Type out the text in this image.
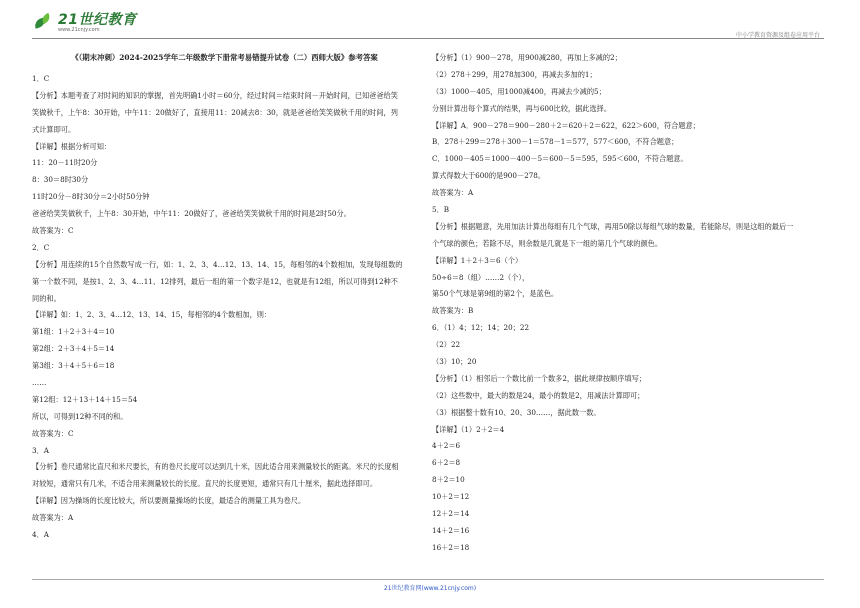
21世纪教育
www.21cnjy.com
中小学教育资源及组卷应用平台
《（期末冲刺）2024-2025学年二年级数学下册常考易错提升试卷（二）西师大版》参考答案
1．C
【分析】本题考查了对时间的知识的掌握，首先明确1小时＝60分，经过时间＝结束时间－开始时间，已知爸爸给笑
笑做秋千，上午8：30开始，中午11：20做好了，直接用11：20减去8：30，就是爸爸给笑笑做秋千用的时间，列
式计算即可。
【详解】根据分析可知：
11：20－11时20分
8：30＝8时30分
11时20分－8时30分＝2小时50分钟
爸爸给笑笑做秋千，上午8：30开始，中午11：20做好了，爸爸给笑笑做秋千用的时间是2时50分。
故答案为：C
2．C
【分析】用连续的15个自然数写成一行，如：1、2、3、4…12、13、14、15，每相邻的4个数相加，发现每组数的
第一个数不同，是按1、2、3、4…11、12排列，最后一组的第一个数字是12，也就是有12组，所以可得到12种不
同的和。
【详解】如：1、2、3、4…12、13、14、15，每相邻的4个数相加，则：
第1组：1＋2＋3＋4＝10
第2组：2＋3＋4＋5＝14
第3组：3＋4＋5＋6＝18
……
第12组：12＋13＋14＋15＝54
所以，可得到12种不同的和。
故答案为：C
3．A
【分析】卷尺通常比直尺和米尺要长，有的卷尺长度可以达到几十米，因此适合用来测量较长的距离。米尺的长度相
对较短，通常只有几米，不适合用来测量较长的长度。直尺的长度更短，通常只有几十厘米，据此选择即可。
【详解】因为操场的长度比较大，所以要测量操场的长度，最适合的测量工具为卷尺。
故答案为：A
4．A
【分析】（1）900－278，用900减280，再加上多减的2；
（2）278＋299，用278加300，再减去多加的1；
（3）1000－405，用1000减400，再减去少减的5；
分别计算出每个算式的结果，再与600比较，据此选择。
【详解】A．900－278＝900－280＋2＝620＋2＝622，622＞600，符合题意；
B．278＋299＝278＋300－1＝578－1＝577，577＜600，不符合题意；
C．1000－405＝1000－400－5＝600－5＝595，595＜600，不符合题意。
算式得数大于600的是900－278。
故答案为：A
5．B
【分析】根据题意，先用加法计算出每组有几个气球，再用50除以每组气球的数量，若能除尽，则是这组的最后一
个气球的颜色；若除不尽，则余数是几就是下一组的第几个气球的颜色。
【详解】1＋2＋3＝6（个）
50÷6＝8（组）……2（个），
第50个气球是第9组的第2个，是蓝色。
故答案为：B
6．（1）4；12；14；20；22
（2）22
（3）10；20
【分析】（1）相邻后一个数比前一个数多2，据此规律按顺序填写；
（2）这些数中，最大的数是24，最小的数是2，用减法计算即可；
（3）根据整十数有10、20、30……，据此数一数。
【详解】（1）2＋2＝4
4＋2＝6
6＋2＝8
8＋2＝10
10＋2＝12
12＋2＝14
14＋2＝16
16＋2＝18
21世纪教育网(www.21cnjy.com)
